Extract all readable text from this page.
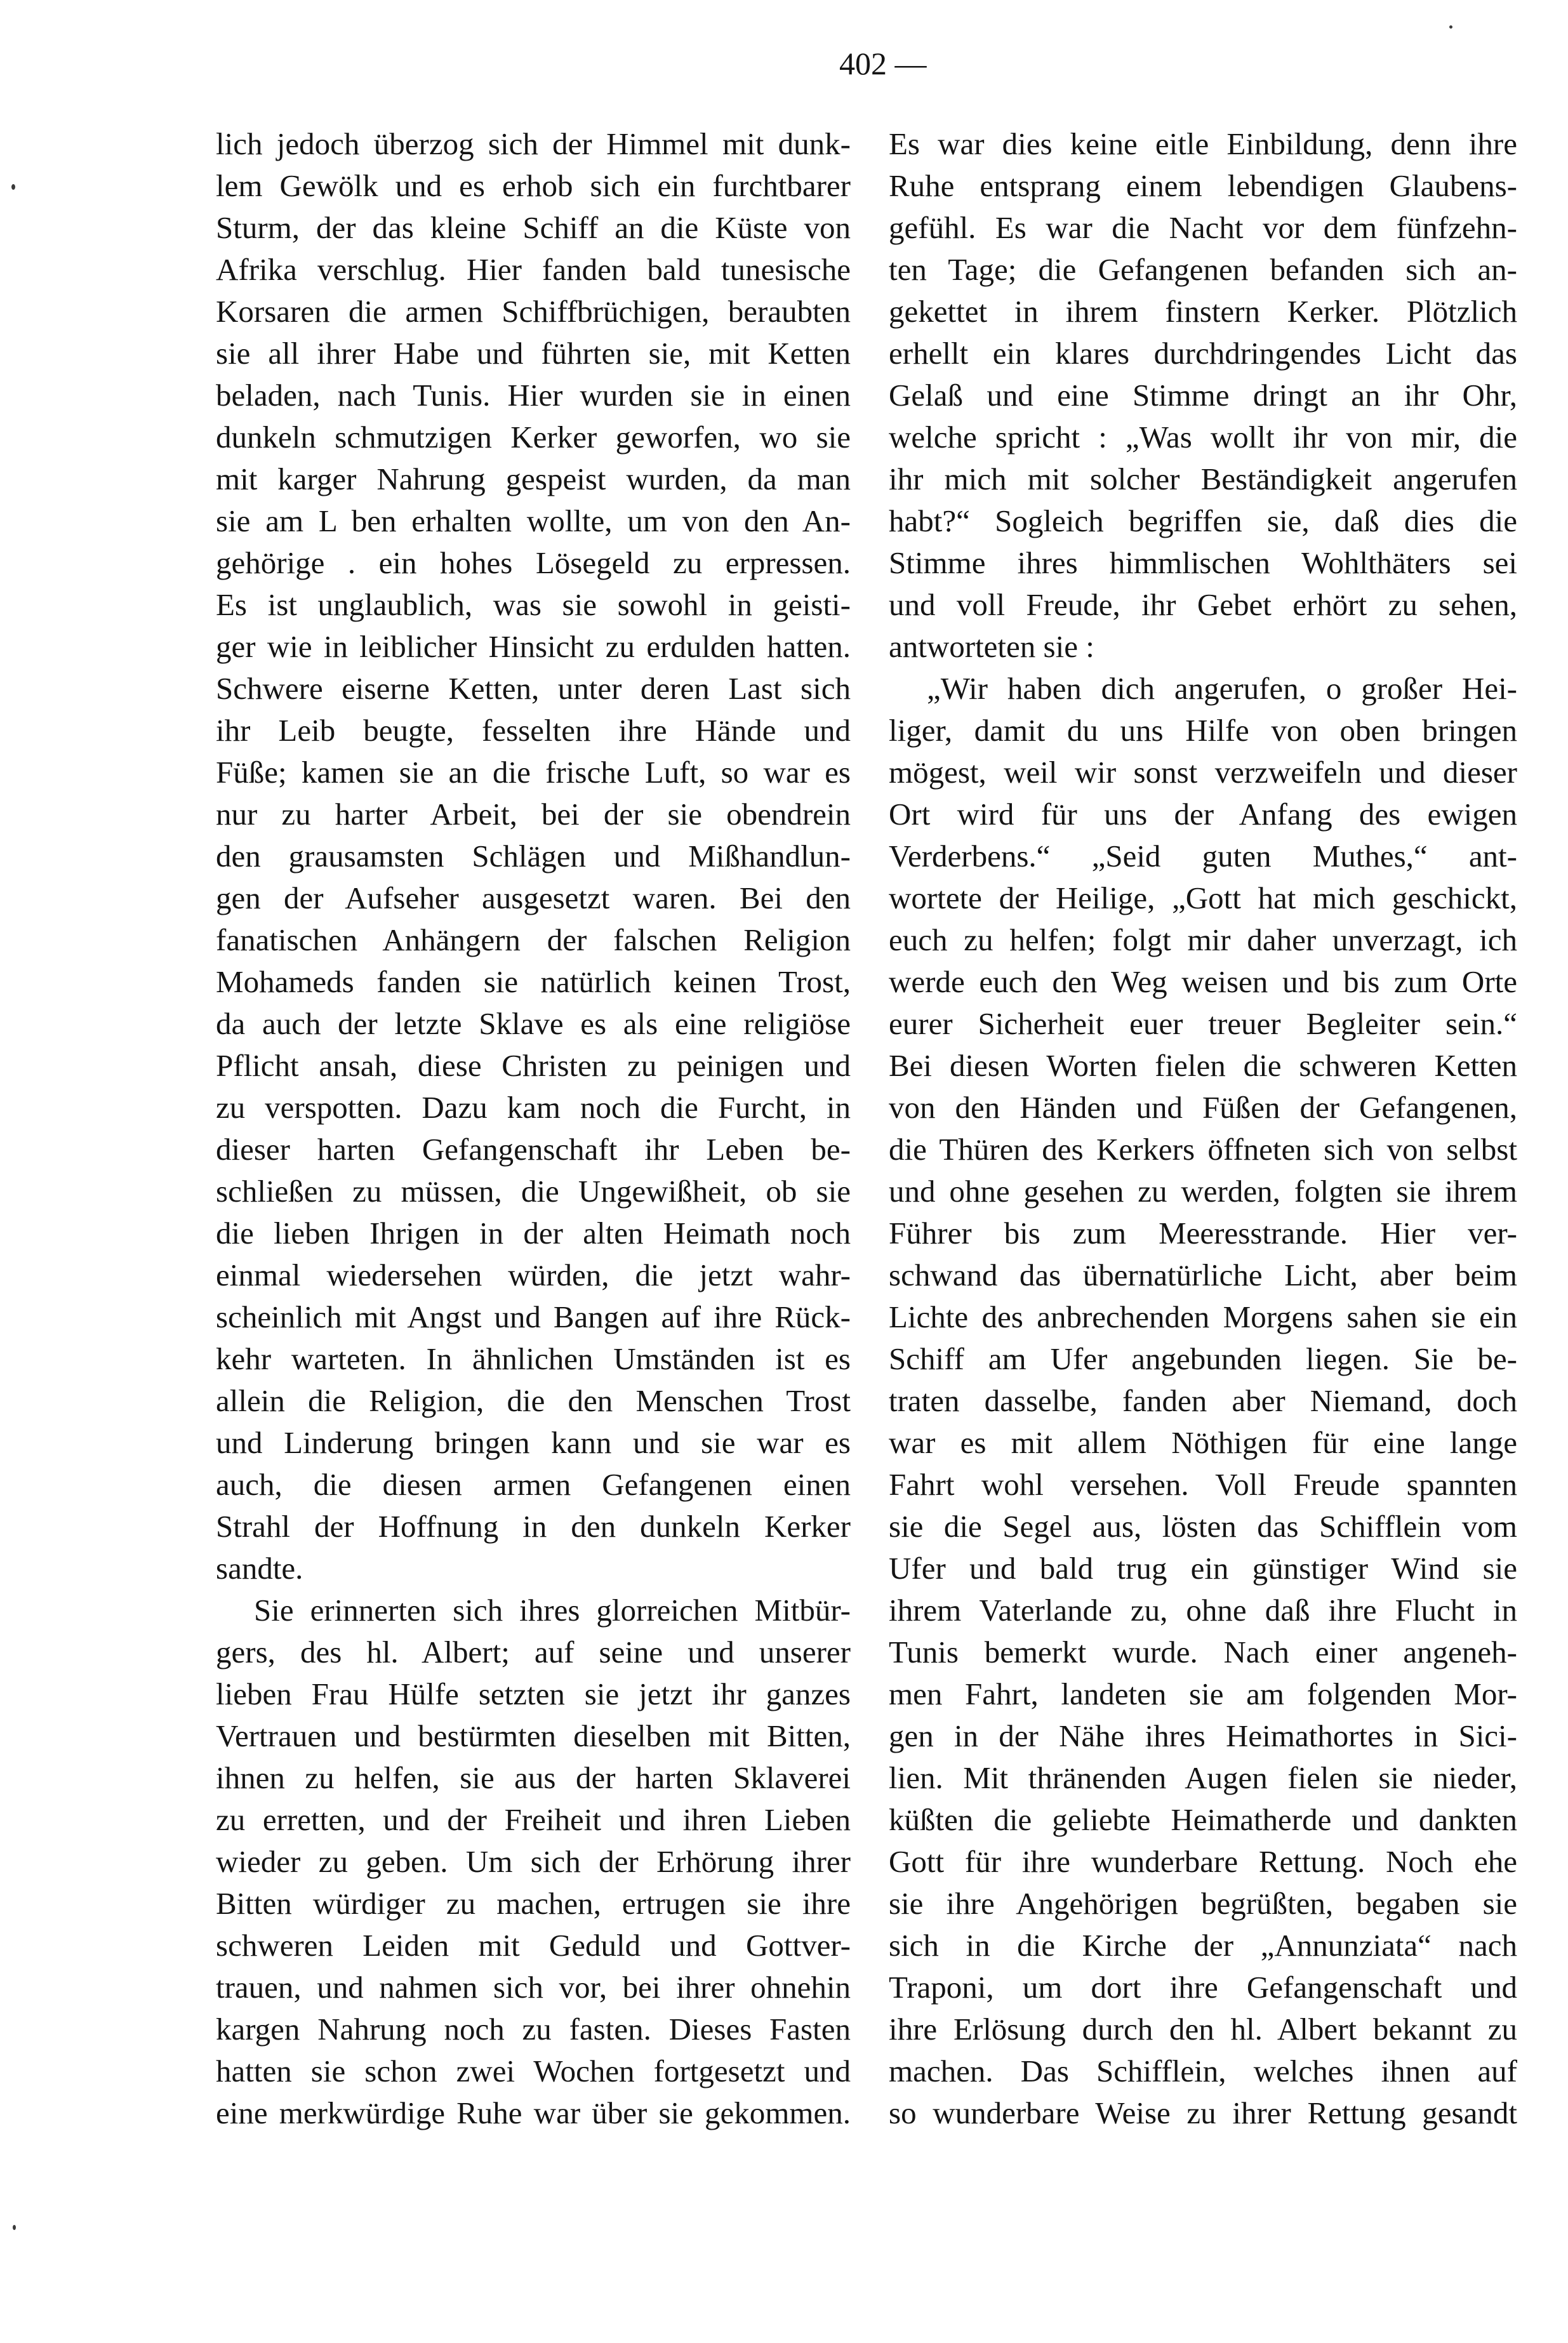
402 —
lich jedoch überzog sich der Himmel mit dunk-
lem Gewölk und es erhob sich ein furchtbarer
Sturm, der das kleine Schiff an die Küste von
Afrika verschlug. Hier fanden bald tunesische
Korsaren die armen Schiffbrüchigen, beraubten
sie all ihrer Habe und führten sie, mit Ketten
beladen, nach Tunis. Hier wurden sie in einen
dunkeln schmutzigen Kerker geworfen, wo sie
mit karger Nahrung gespeist wurden, da man
sie am L ben erhalten wollte, um von den An-
gehörige . ein hohes Lösegeld zu erpressen.
Es ist unglaublich, was sie sowohl in geisti-
ger wie in leiblicher Hinsicht zu erdulden hatten.
Schwere eiserne Ketten, unter deren Last sich
ihr Leib beugte, fesselten ihre Hände und
Füße; kamen sie an die frische Luft, so war es
nur zu harter Arbeit, bei der sie obendrein
den grausamsten Schlägen und Mißhandlun-
gen der Aufseher ausgesetzt waren. Bei den
fanatischen Anhängern der falschen Religion
Mohameds fanden sie natürlich keinen Trost,
da auch der letzte Sklave es als eine religiöse
Pflicht ansah, diese Christen zu peinigen und
zu verspotten. Dazu kam noch die Furcht, in
dieser harten Gefangenschaft ihr Leben be-
schließen zu müssen, die Ungewißheit, ob sie
die lieben Ihrigen in der alten Heimath noch
einmal wiedersehen würden, die jetzt wahr-
scheinlich mit Angst und Bangen auf ihre Rück-
kehr warteten. In ähnlichen Umständen ist es
allein die Religion, die den Menschen Trost
und Linderung bringen kann und sie war es
auch, die diesen armen Gefangenen einen
Strahl der Hoffnung in den dunkeln Kerker
sandte.
Sie erinnerten sich ihres glorreichen Mitbür-
gers, des hl. Albert; auf seine und unserer
lieben Frau Hülfe setzten sie jetzt ihr ganzes
Vertrauen und bestürmten dieselben mit Bitten,
ihnen zu helfen, sie aus der harten Sklaverei
zu erretten, und der Freiheit und ihren Lieben
wieder zu geben. Um sich der Erhörung ihrer
Bitten würdiger zu machen, ertrugen sie ihre
schweren Leiden mit Geduld und Gottver-
trauen, und nahmen sich vor, bei ihrer ohnehin
kargen Nahrung noch zu fasten. Dieses Fasten
hatten sie schon zwei Wochen fortgesetzt und
eine merkwürdige Ruhe war über sie gekommen.
Es war dies keine eitle Einbildung, denn ihre
Ruhe entsprang einem lebendigen Glaubens-
gefühl. Es war die Nacht vor dem fünfzehn-
ten Tage; die Gefangenen befanden sich an-
gekettet in ihrem finstern Kerker. Plötzlich
erhellt ein klares durchdringendes Licht das
Gelaß und eine Stimme dringt an ihr Ohr,
welche spricht : „Was wollt ihr von mir, die
ihr mich mit solcher Beständigkeit angerufen
habt?“ Sogleich begriffen sie, daß dies die
Stimme ihres himmlischen Wohlthäters sei
und voll Freude, ihr Gebet erhört zu sehen,
antworteten sie :
„Wir haben dich angerufen, o großer Hei-
liger, damit du uns Hilfe von oben bringen
mögest, weil wir sonst verzweifeln und dieser
Ort wird für uns der Anfang des ewigen
Verderbens.“ „Seid guten Muthes,“ ant-
wortete der Heilige, „Gott hat mich geschickt,
euch zu helfen; folgt mir daher unverzagt, ich
werde euch den Weg weisen und bis zum Orte
eurer Sicherheit euer treuer Begleiter sein.“
Bei diesen Worten fielen die schweren Ketten
von den Händen und Füßen der Gefangenen,
die Thüren des Kerkers öffneten sich von selbst
und ohne gesehen zu werden, folgten sie ihrem
Führer bis zum Meeresstrande. Hier ver-
schwand das übernatürliche Licht, aber beim
Lichte des anbrechenden Morgens sahen sie ein
Schiff am Ufer angebunden liegen. Sie be-
traten dasselbe, fanden aber Niemand, doch
war es mit allem Nöthigen für eine lange
Fahrt wohl versehen. Voll Freude spannten
sie die Segel aus, lösten das Schifflein vom
Ufer und bald trug ein günstiger Wind sie
ihrem Vaterlande zu, ohne daß ihre Flucht in
Tunis bemerkt wurde. Nach einer angeneh-
men Fahrt, landeten sie am folgenden Mor-
gen in der Nähe ihres Heimathortes in Sici-
lien. Mit thränenden Augen fielen sie nieder,
küßten die geliebte Heimatherde und dankten
Gott für ihre wunderbare Rettung. Noch ehe
sie ihre Angehörigen begrüßten, begaben sie
sich in die Kirche der „Annunziata“ nach
Traponi, um dort ihre Gefangenschaft und
ihre Erlösung durch den hl. Albert bekannt zu
machen. Das Schifflein, welches ihnen auf
so wunderbare Weise zu ihrer Rettung gesandt
